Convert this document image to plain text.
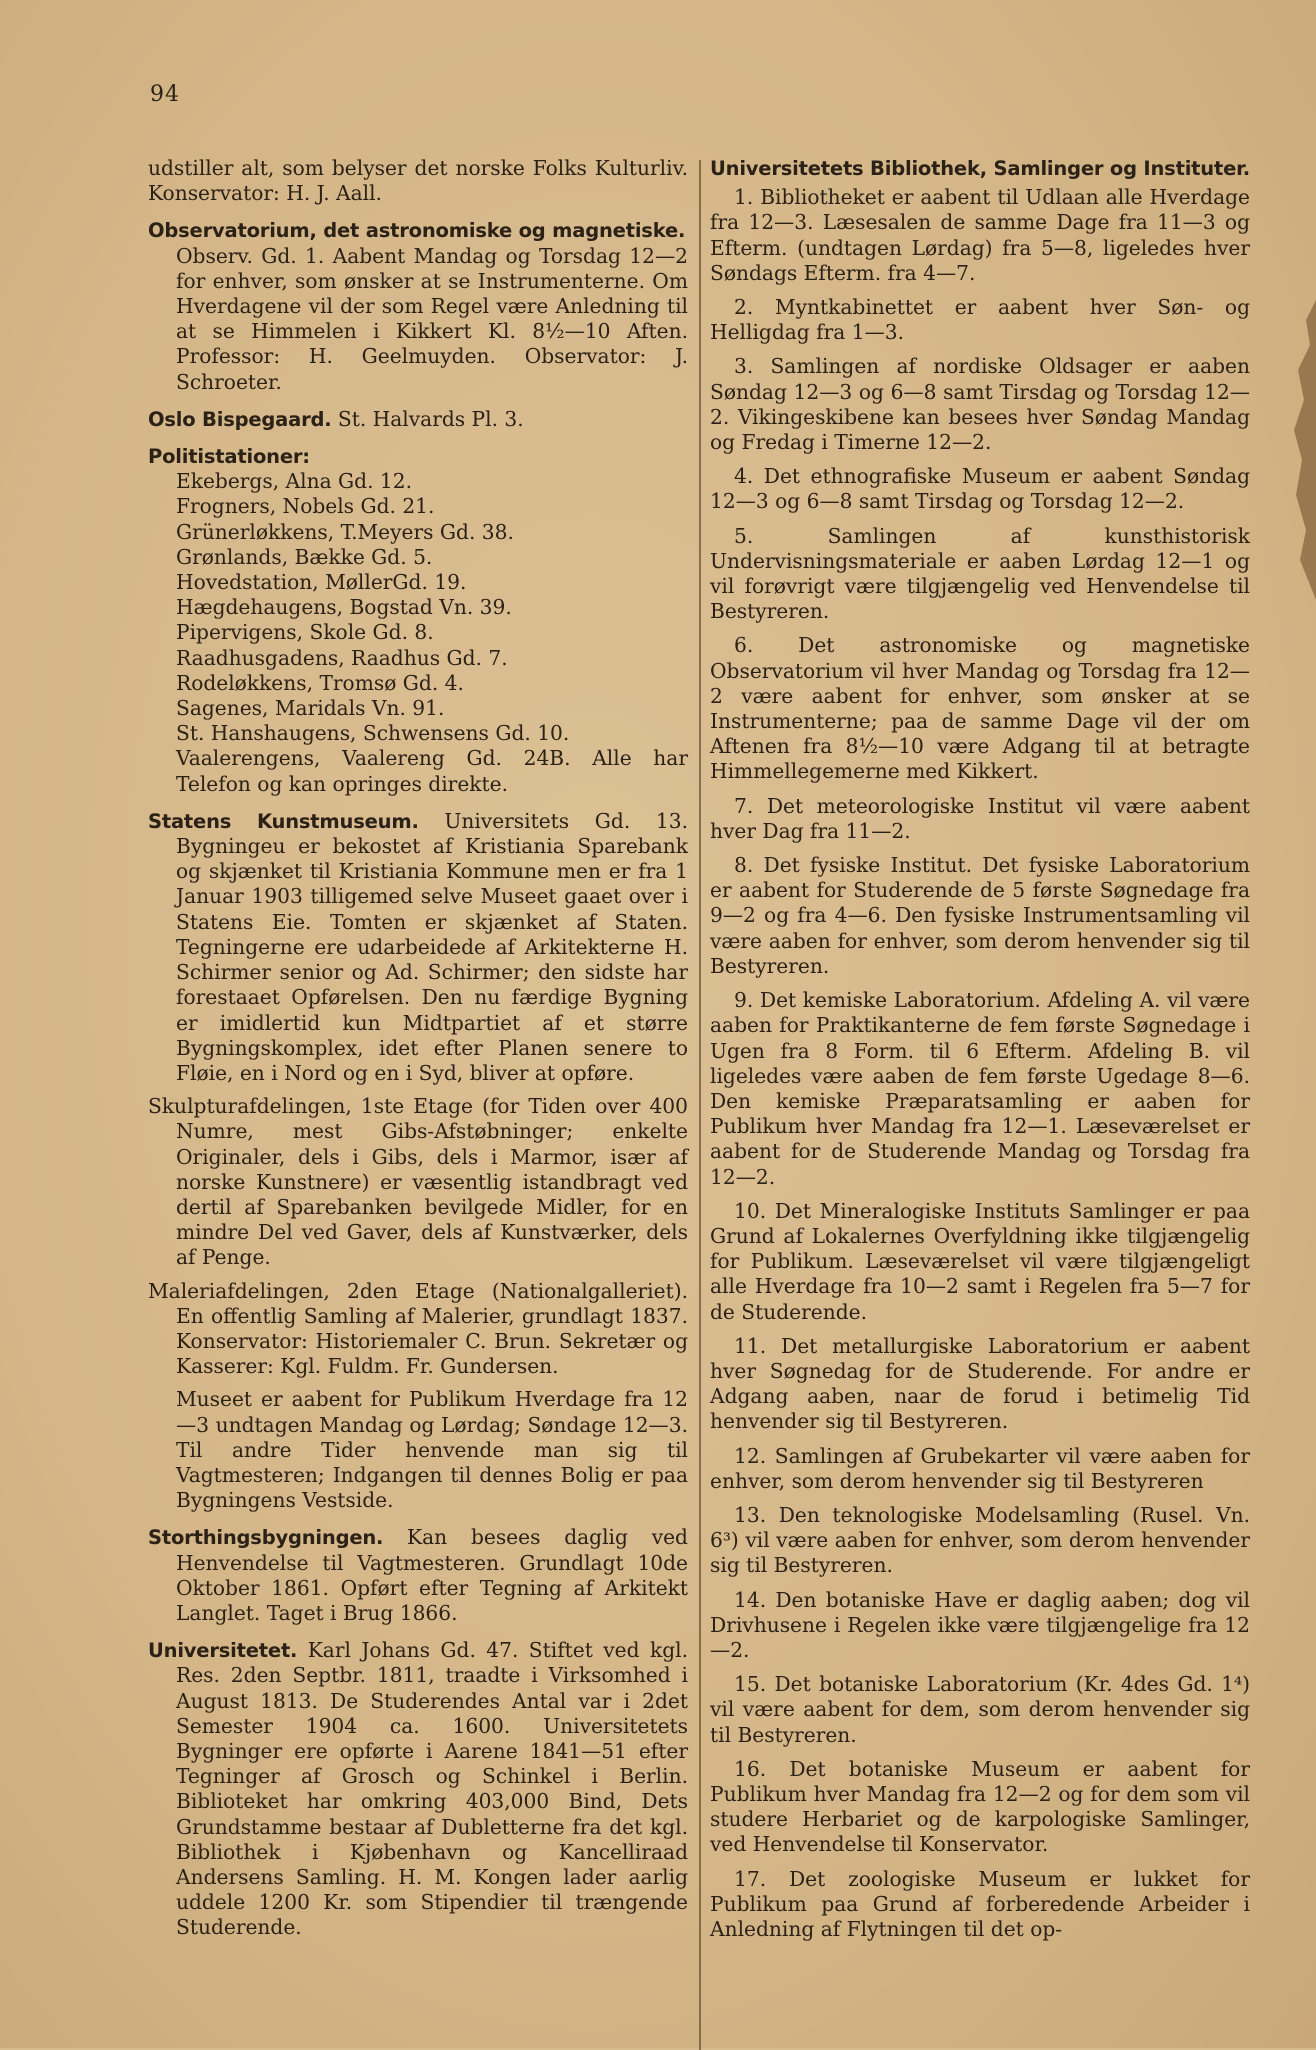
94
udstiller alt, som belyser det norske Folks Kulturliv. Konservator: H. J. Aall.
Observatorium, det astronomiske og magnetiske.
Observ. Gd. 1. Aabent Mandag og Torsdag 12—2 for enhver, som ønsker at se Instrumenterne. Om Hverdagene vil der som Regel være Anledning til at se Himmelen i Kikkert Kl. 8½—10 Aften. Professor: H. Geelmuyden. Observator: J. Schroeter.
Oslo Bispegaard. St. Halvards Pl. 3.
Politistationer:
Ekebergs, Alna Gd. 12.
Frogners, Nobels Gd. 21.
Grünerløkkens, T.Meyers Gd. 38.
Grønlands, Bække Gd. 5.
Hovedstation, MøllerGd. 19.
Hægdehaugens, Bogstad Vn. 39.
Pipervigens, Skole Gd. 8.
Raadhusgadens, Raadhus Gd. 7.
Rodeløkkens, Tromsø Gd. 4.
Sagenes, Maridals Vn. 91.
St. Hanshaugens, Schwensens Gd. 10.
Vaalerengens, Vaalereng Gd. 24B. Alle har Telefon og kan opringes direkte.
Statens Kunstmuseum. Universitets Gd. 13. Bygningeu er bekostet af Kristiania Sparebank og skjænket til Kristiania Kommune men er fra 1 Januar 1903 tilligemed selve Museet gaaet over i Statens Eie. Tomten er skjænket af Staten. Tegningerne ere udarbeidede af Arkitekterne H. Schirmer senior og Ad. Schirmer; den sidste har forestaaet Opførelsen. Den nu færdige Bygning er imidlertid kun Midtpartiet af et større Bygningskomplex, idet efter Planen senere to Fløie, en i Nord og en i Syd, bliver at opføre.
Skulpturafdelingen, 1ste Etage (for Tiden over 400 Numre, mest Gibs-Afstøbninger; enkelte Originaler, dels i Gibs, dels i Marmor, især af norske Kunstnere) er væsentlig istandbragt ved dertil af Sparebanken bevilgede Midler, for en mindre Del ved Gaver, dels af Kunstværker, dels af Penge.
Maleriafdelingen, 2den Etage (Nationalgalleriet). En offentlig Samling af Malerier, grundlagt 1837. Konservator: Historiemaler C. Brun. Sekretær og Kasserer: Kgl. Fuldm. Fr. Gundersen.
Museet er aabent for Publikum Hverdage fra 12—3 undtagen Mandag og Lørdag; Søndage 12—3. Til andre Tider henvende man sig til Vagtmesteren; Indgangen til dennes Bolig er paa Bygningens Vestside.
Storthingsbygningen. Kan besees daglig ved Henvendelse til Vagtmesteren. Grundlagt 10de Oktober 1861. Opført efter Tegning af Arkitekt Langlet. Taget i Brug 1866.
Universitetet. Karl Johans Gd. 47. Stiftet ved kgl. Res. 2den Septbr. 1811, traadte i Virksomhed i August 1813. De Studerendes Antal var i 2det Semester 1904 ca. 1600. Universitetets Bygninger ere opførte i Aarene 1841—51 efter Tegninger af Grosch og Schinkel i Berlin. Biblioteket har omkring 403,000 Bind, Dets Grundstamme bestaar af Dubletterne fra det kgl. Bibliothek i Kjøbenhavn og Kancelliraad Andersens Samling. H. M. Kongen lader aarlig uddele 1200 Kr. som Stipendier til trængende Studerende.
Universitetets Bibliothek, Samlinger og Instituter.
1. Bibliotheket er aabent til Udlaan alle Hverdage fra 12—3. Læsesalen de samme Dage fra 11—3 og Efterm. (undtagen Lørdag) fra 5—8, ligeledes hver Søndags Efterm. fra 4—7.
2. Myntkabinettet er aabent hver Søn- og Helligdag fra 1—3.
3. Samlingen af nordiske Oldsager er aaben Søndag 12—3 og 6—8 samt Tirsdag og Torsdag 12—2. Vikingeskibene kan besees hver Søndag Mandag og Fredag i Timerne 12—2.
4. Det ethnografiske Museum er aabent Søndag 12—3 og 6—8 samt Tirsdag og Torsdag 12—2.
5. Samlingen af kunsthistorisk Undervisningsmateriale er aaben Lørdag 12—1 og vil forøvrigt være tilgjængelig ved Henvendelse til Bestyreren.
6. Det astronomiske og magnetiske Observatorium vil hver Mandag og Torsdag fra 12—2 være aabent for enhver, som ønsker at se Instrumenterne; paa de samme Dage vil der om Aftenen fra 8½—10 være Adgang til at betragte Himmellegemerne med Kikkert.
7. Det meteorologiske Institut vil være aabent hver Dag fra 11—2.
8. Det fysiske Institut. Det fysiske Laboratorium er aabent for Studerende de 5 første Søgnedage fra 9—2 og fra 4—6. Den fysiske Instrumentsamling vil være aaben for enhver, som derom henvender sig til Bestyreren.
9. Det kemiske Laboratorium. Afdeling A. vil være aaben for Praktikanterne de fem første Søgnedage i Ugen fra 8 Form. til 6 Efterm. Afdeling B. vil ligeledes være aaben de fem første Ugedage 8—6. Den kemiske Præparatsamling er aaben for Publikum hver Mandag fra 12—1. Læseværelset er aabent for de Studerende Mandag og Torsdag fra 12—2.
10. Det Mineralogiske Instituts Samlinger er paa Grund af Lokalernes Overfyldning ikke tilgjængelig for Publikum. Læseværelset vil være tilgjængeligt alle Hverdage fra 10—2 samt i Regelen fra 5—7 for de Studerende.
11. Det metallurgiske Laboratorium er aabent hver Søgnedag for de Studerende. For andre er Adgang aaben, naar de forud i betimelig Tid henvender sig til Bestyreren.
12. Samlingen af Grubekarter vil være aaben for enhver, som derom henvender sig til Bestyreren
13. Den teknologiske Modelsamling (Rusel. Vn. 6³) vil være aaben for enhver, som derom henvender sig til Bestyreren.
14. Den botaniske Have er daglig aaben; dog vil Drivhusene i Regelen ikke være tilgjængelige fra 12—2.
15. Det botaniske Laboratorium (Kr. 4des Gd. 1⁴) vil være aabent for dem, som derom henvender sig til Bestyreren.
16. Det botaniske Museum er aabent for Publikum hver Mandag fra 12—2 og for dem som vil studere Herbariet og de karpologiske Samlinger, ved Henvendelse til Konservator.
17. Det zoologiske Museum er lukket for Publikum paa Grund af forberedende Arbeider i Anledning af Flytningen til det op-
